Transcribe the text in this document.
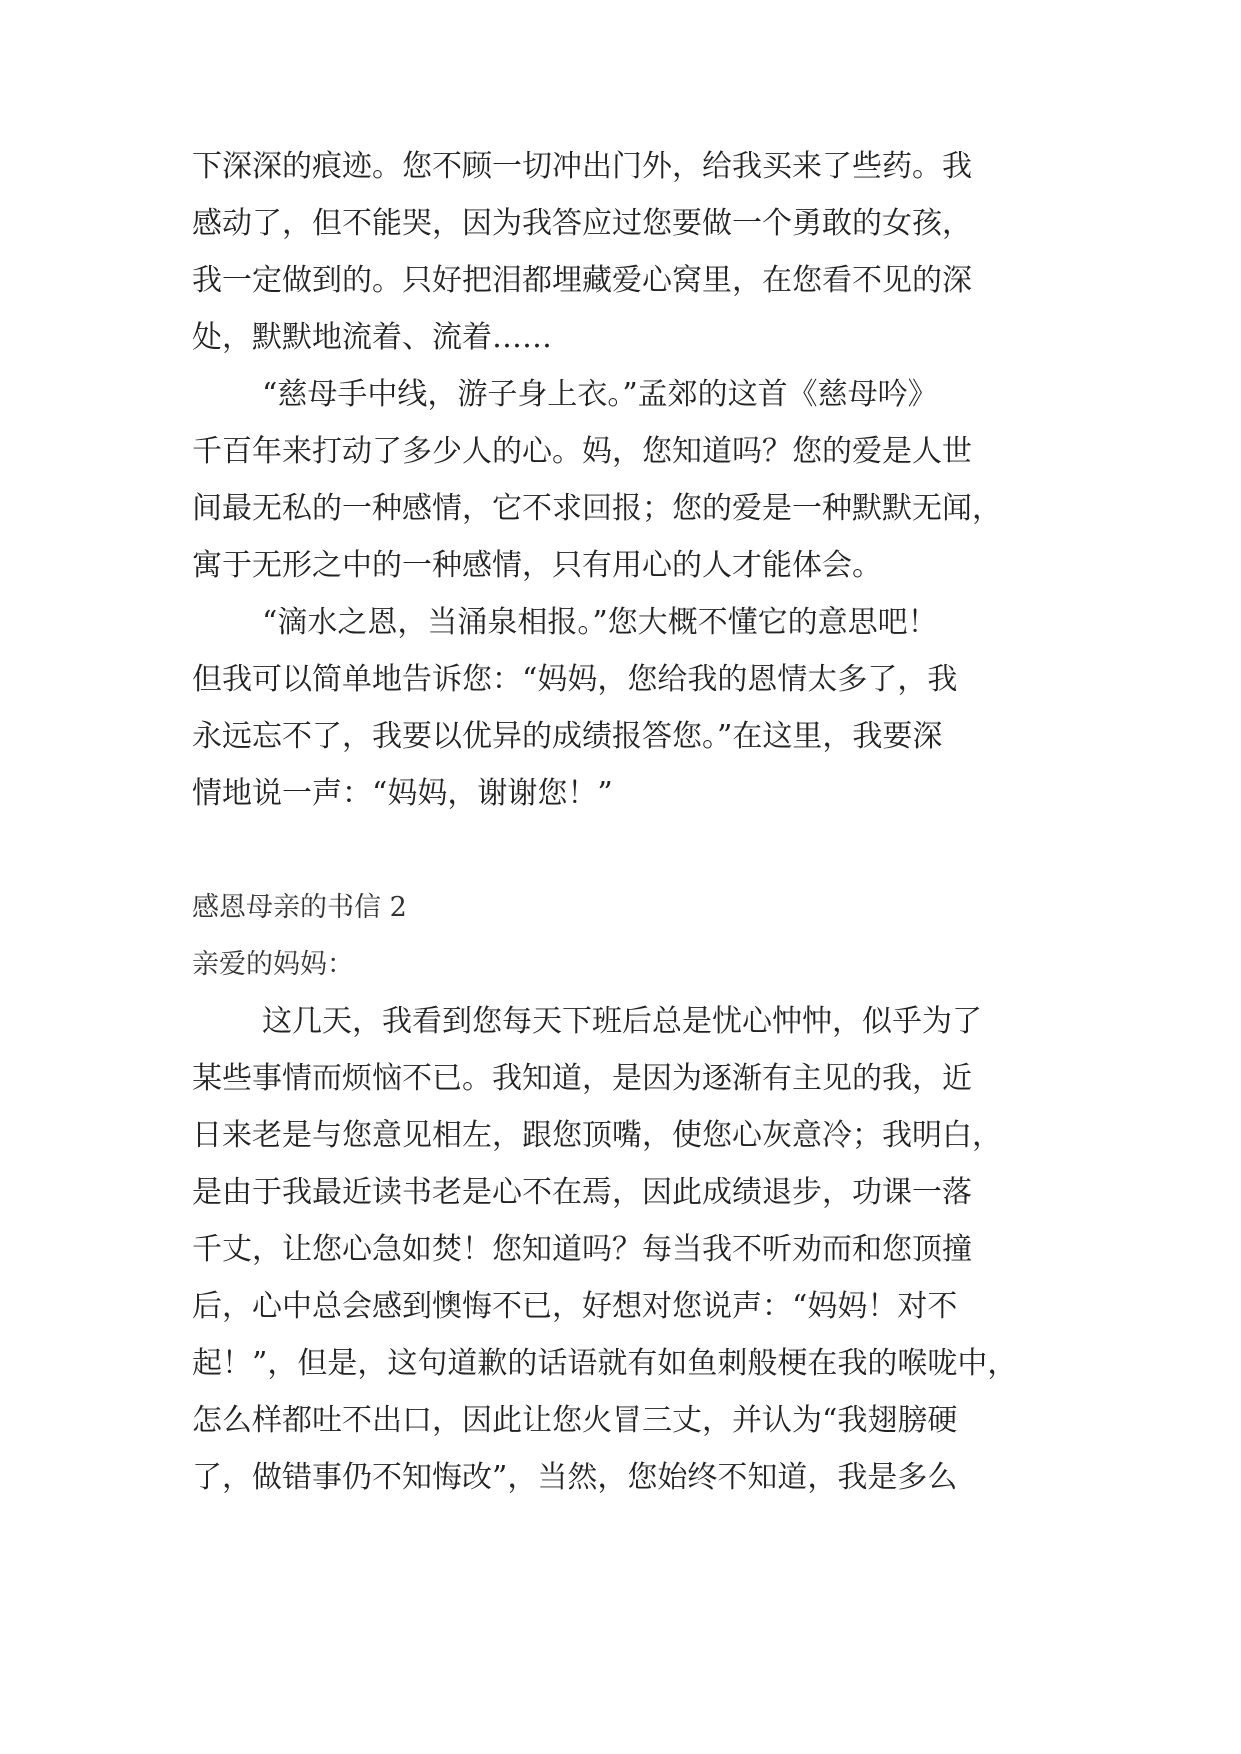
下深深的痕迹。您不顾一切冲出门外，给我买来了些药。我

感动了，但不能哭，因为我答应过您要做一个勇敢的女孩，

我一定做到的。只好把泪都埋藏爱心窝里，在您看不见的深

处，默默地流着、流着……

“慈母手中线，游子身上衣。”孟郊的这首《慈母吟》

千百年来打动了多少人的心。妈，您知道吗？您的爱是人世

间最无私的一种感情，它不求回报；您的爱是一种默默无闻，

寓于无形之中的一种感情，只有用心的人才能体会。

“滴水之恩，当涌泉相报。”您大概不懂它的意思吧！

但我可以简单地告诉您：“妈妈，您给我的恩情太多了，我

永远忘不了，我要以优异的成绩报答您。”在这里，我要深

情地说一声：“妈妈，谢谢您！”

感恩母亲的书信 2

亲爱的妈妈：

这几天，我看到您每天下班后总是忧心忡忡，似乎为了

某些事情而烦恼不已。我知道，是因为逐渐有主见的我，近

日来老是与您意见相左，跟您顶嘴，使您心灰意冷；我明白，

是由于我最近读书老是心不在焉，因此成绩退步，功课一落

千丈，让您心急如焚！您知道吗？每当我不听劝而和您顶撞

后，心中总会感到懊悔不已，好想对您说声：“妈妈！对不

起！”，但是，这句道歉的话语就有如鱼刺般梗在我的喉咙中，

怎么样都吐不出口，因此让您火冒三丈，并认为“我翅膀硬

了，做错事仍不知悔改”，当然，您始终不知道，我是多么
